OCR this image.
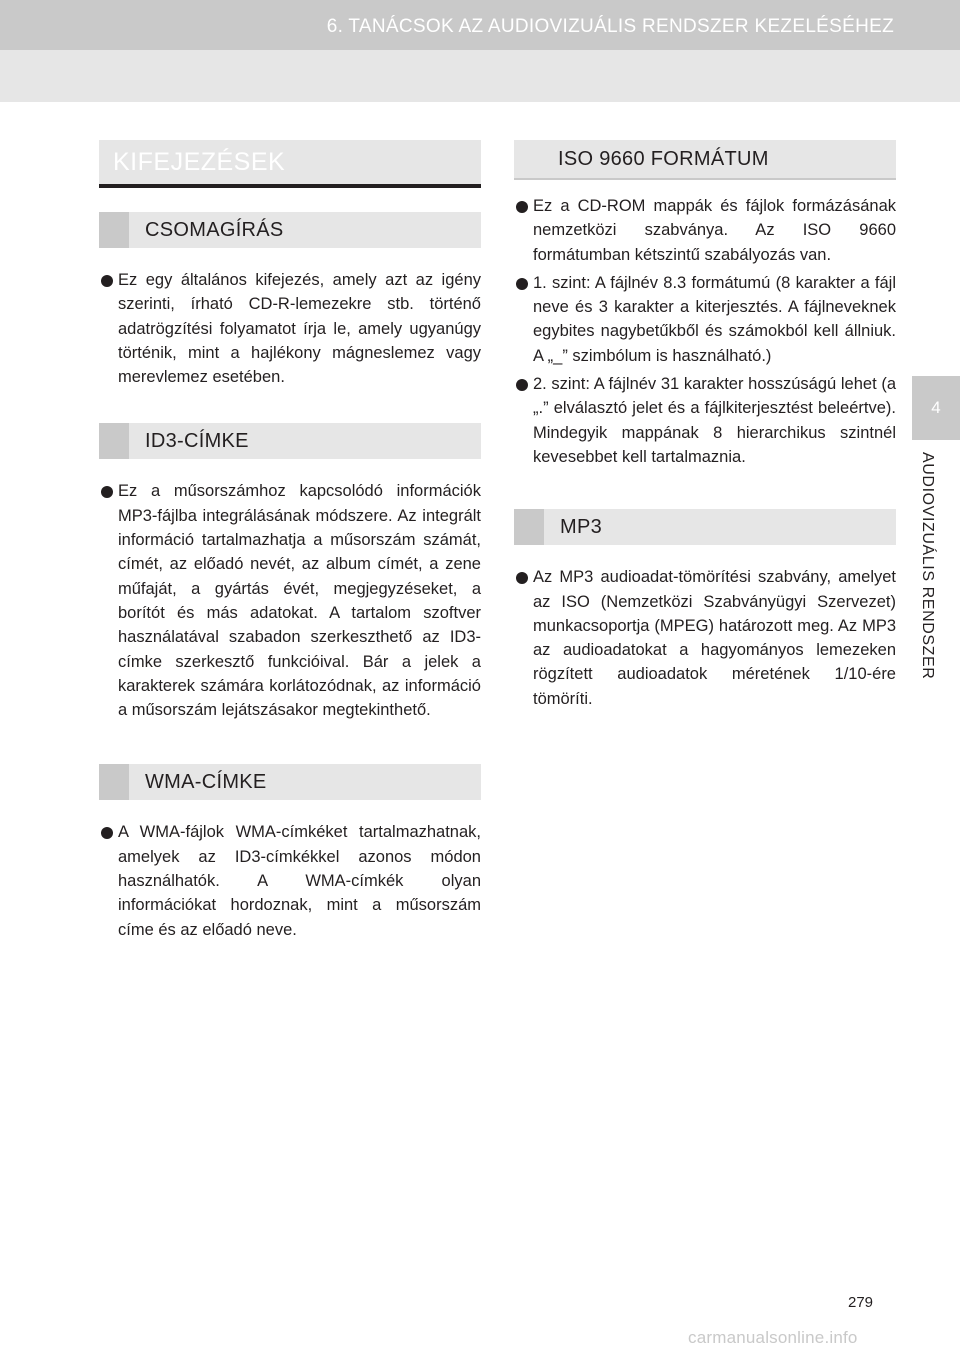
6. TANÁCSOK AZ AUDIOVIZUÁLIS RENDSZER KEZELÉSÉHEZ
4
AUDIOVIZUÁLIS RENDSZER
KIFEJEZÉSEK
CSOMAGÍRÁS
Ez egy általános kifejezés, amely azt az igény szerinti, írható CD-R-lemezekre stb. történő adatrögzítési folyamatot írja le, amely ugyanúgy történik, mint a hajlékony mágneslemez vagy merevlemez esetében.
ID3-CÍMKE
Ez a műsorszámhoz kapcsolódó információk MP3-fájlba integrálásának módszere. Az integrált információ tartalmazhatja a műsorszám számát, címét, az előadó nevét, az album címét, a zene műfaját, a gyártás évét, megjegyzéseket, a borítót és más adatokat. A tartalom szoftver használatával szabadon szerkeszthető az ID3-címke szerkesztő funkcióival. Bár a jelek a karakterek számára korlátozódnak, az információ a műsorszám lejátszásakor megtekinthető.
WMA-CÍMKE
A WMA-fájlok WMA-címkéket tartalmazhatnak, amelyek az ID3-címkékkel azonos módon használhatók. A WMA-címkék olyan információkat hordoznak, mint a műsorszám címe és az előadó neve.
ISO 9660 FORMÁTUM
Ez a CD-ROM mappák és fájlok formázásának nemzetközi szabványa. Az ISO 9660 formátumban kétszintű szabályozás van.
1. szint: A fájlnév 8.3 formátumú (8 karakter a fájl neve és 3 karakter a kiterjesztés. A fájlneveknek egybites nagybetűkből és számokból kell állniuk. A „_” szimbólum is használható.)
2. szint: A fájlnév 31 karakter hosszúságú lehet (a „.” elválasztó jelet és a fájlkiterjesztést beleértve). Mindegyik mappának 8 hierarchikus szintnél kevesebbet kell tartalmaznia.
MP3
Az MP3 audioadat-tömörítési szabvány, amelyet az ISO (Nemzetközi Szabványügyi Szervezet) munkacsoportja (MPEG) határozott meg. Az MP3 az audioadatokat a hagyományos lemezeken rögzített audioadatok méretének 1/10-ére tömöríti.
279
carmanualsonline.info
